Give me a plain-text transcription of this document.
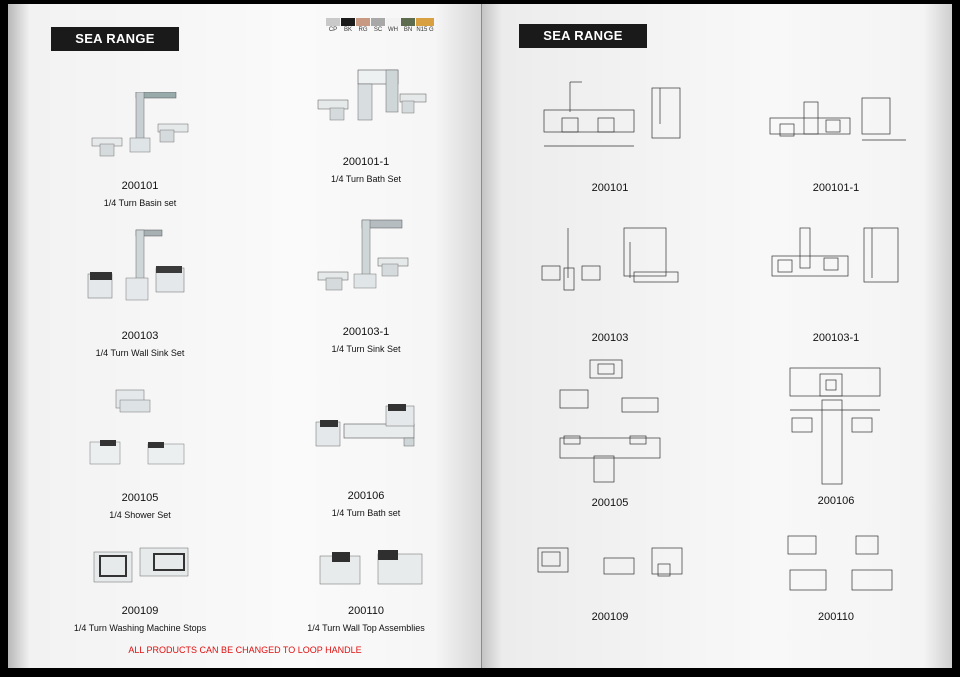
SEA RANGE
CP	BK	RG	SC WH BN N15 G
200101
1/4 Turn Basin set
200101-1
1/4 Turn Bath Set
200103
1/4 Turn Wall Sink Set
200103-1
1/4 Turn Sink Set
200105
1/4 Shower Set
200106
1/4 Turn Bath set
200109
1/4 Turn Washing Machine Stops
200110
1/4 Turn Wall Top Assemblies
ALL PRODUCTS CAN BE CHANGED TO LOOP HANDLE
SEA RANGE
200101	200101-1
200103	200103-1
200105	200106
200109	200110
